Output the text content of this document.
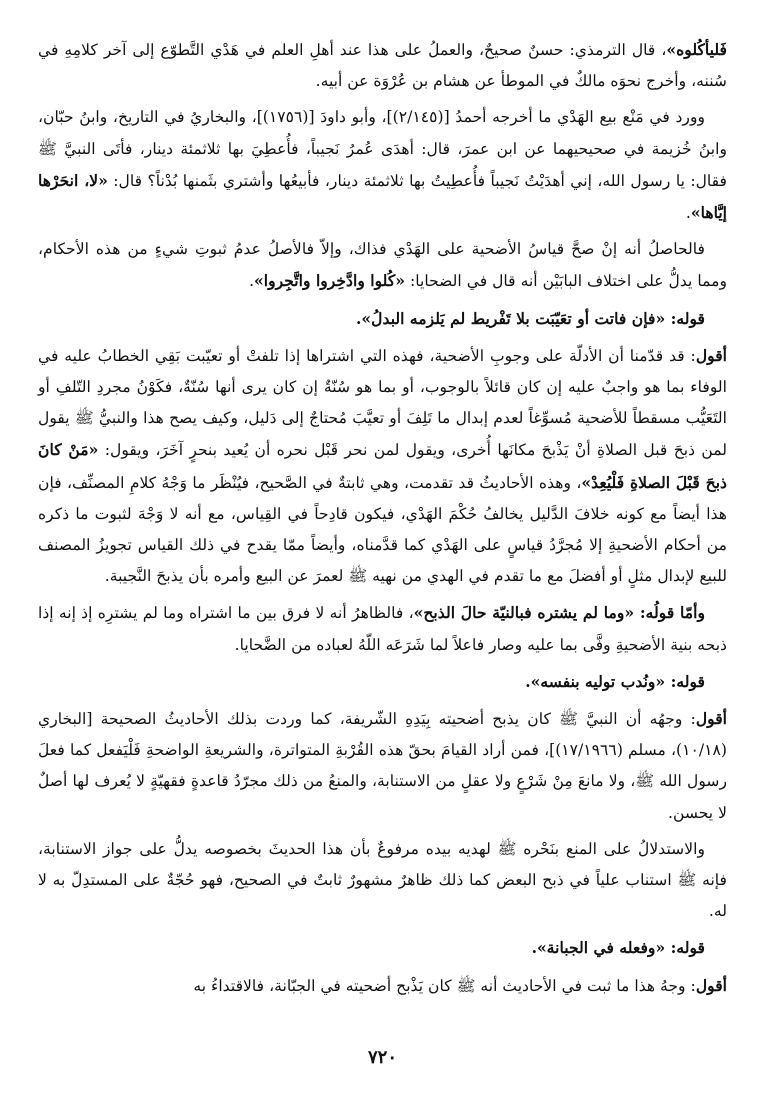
فَليأكُلوه»، قال الترمذي: حسنٌ صحيحٌ، والعملُ على هذا عند أهلِ العلم في هَدْي التَّطوّع إلى آخر كلامِهِ في سُننه، وأخرج نحوَه مالكٌ في الموطأ عن هشام بن عُرْوَة عن أبيه.

وورد في مَنْع بيع الهَدْي ما أخرجه أحمدُ [(٢/١٤٥)]، وأبو داودَ [(١٧٥٦)]، والبخاريُ في التاريخ، وابنُ حبّان، وابنُ خُزيمة في صحيحيهما عن ابن عمرَ، قال: أهدَى عُمرُ نَجيباً، فأُعطِيَ بها ثلاثمئة دينار، فأتَى النبيَّ ﷺ فقال: يا رسول الله، إني أهدَيْتُ نَجيباً فأُعطِيتُ بها ثلاثمئة دينار، فأبيعُها وأشتري بثَمنها بُدْناً؟ قال: «لا، انحَرْها إيَّاها».

فالحاصلُ أنه إنْ صحَّ قياسُ الأضحية على الهَدْي فذاك، وإلاّ فالأصلُ عدمُ ثبوتِ شيءٍ من هذه الأحكام، ومما يدلُّ على اختلاف البابَيْن أنه قال في الضحايا: «كُلوا وادَّخِروا واتَّجِروا».

قوله: «فإن فاتت أو تعَيّبَت بلا تَفْريط لم يَلزمه البدلُ».

أقول: قد قدّمنا أن الأدلّة على وجوبِ الأضحية، فهذه التي اشتراها إذا تلفتْ أو تعيّبت بَقِي الخطابُ عليه في الوفاء بما هو واجبٌ عليه إن كان قائلاً بالوجوب، أو بما هو سُنّةٌ إن كان يرى أنها سُنّةٌ، فكَوْنُ مجردِ التّلفِ أو التَعَيُّب مسقطاً للأضحية مُسوِّغاً لعدم إبدال ما تَلِفَ أو تعيَّبَ مُحتاجٌ إلى دَليل، وكيف يصح هذا والنبيُّ ﷺ يقول لمن ذبحَ قبل الصلاةِ أنْ يَذْبحَ مكانَها أُخرى، ويقول لمن نحر قَبْل نحره أن يُعيد بنحرٍ آخَرَ، ويقول: «مَنْ كانَ ذبحَ قَبْلَ الصلاةِ فَلْيُعِدْ»، وهذه الأحاديثُ قد تقدمت، وهي ثابتةٌ في الصَّحيح، فيُنْظَر ما وَجْهُ كلامِ المصنِّف، فإن هذا أيضاً مع كونه خلافَ الدَّليل يخالفُ حُكْمَ الهَدْي، فيكون قادِحاً في القِياس، مع أنه لا وَجْهَ لثبوت ما ذكره من أحكام الأضحيةِ إلا مُجرَّدُ قياسٍ على الهَدْي كما قدَّمناه، وأيضاً ممّا يقدح في ذلك القياس تجويزُ المصنف للبيع لإبدال مثلٍ أو أفضلَ مع ما تقدم في الهدي من نهيه ﷺ لعمرَ عن البيع وأمره بأن يذبحَ النَّجيبة.

وأمّا قولُه: «وما لم يشتره فبالنيّة حالَ الذبح»، فالظاهرُ أنه لا فرق بين ما اشتراه وما لم يشترِه إذ إنه إذا ذبحه بنية الأضحيةِ وفَّى بما عليه وصار فاعلاً لما شَرَعَه اللّهُ لعباده من الضَّحايا.

قوله: «ونُدب توليه بنفسه».

أقول: وجهُه أن النبيَّ ﷺ كان يذبح أضحيته بِيَدِهِ الشّريفة، كما وردت بذلك الأحاديثُ الصحيحة [البخاري (١٠/١٨)، مسلم (١٧/١٩٦٦)]، فمن أراد القيامَ بحقّ هذه القُرْبةِ المتواترة، والشريعةِ الواضحةِ فَلْيَفعل كما فعلَ رسول الله ﷺ، ولا مانعَ مِنْ شَرْعٍ ولا عقلٍ من الاستنابة، والمنعُ من ذلك مجرّدُ قاعدةٍ فقهيّةٍ لا يُعرف لها أصلٌ لا يحسن.

والاستدلالُ على المنع بنَحْره ﷺ لهديه بيده مرفوعٌ بأن هذا الحديثَ بخصوصه يدلُّ على جواز الاستنابة، فإنه ﷺ استناب علياً في ذبح البعض كما ذلك ظاهرٌ مشهورٌ ثابتٌ في الصحيح، فهو حُجّةٌ على المستدِلّ به لا له.

قوله: «وفعله في الجبانة».

أقول: وجهُ هذا ما ثبت في الأحاديث أنه ﷺ كان يَذْبح أضحيته في الجبّانة، فالاقتداءُ به

٧٢٠
